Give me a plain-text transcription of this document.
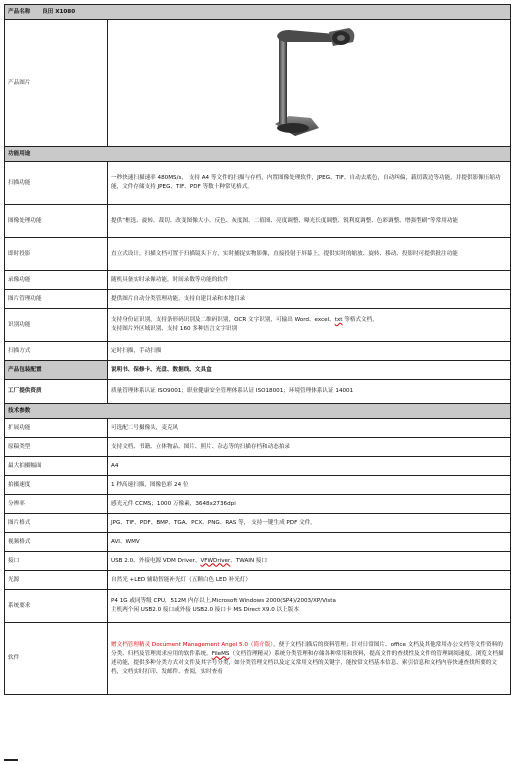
产品名称 良田 X1080	
产品图片	

功能用途	
扫描功能	一秒快速扫描速率 480MS/s， 支持 A4 等文件的扫描与存档，内置图像处理软件，JPEG、TIF、自动去底色，自动纠偏，载切裁边等功能，并提供影像压缩功能，文件存储支持 JPEG、TIF、PDF 等数十种常见格式。
图像处理功能	提供“框选、旋转、裁切、改变图像大小、反色、灰度图、二值图、亮度调整、曝光长度调整、锐利度调整、色彩调整、增强型刷”等常用功能
即时投影	直立式设计，扫描文档可置于扫描镜头下方，实时捕捉实物影像，直接投射于屏幕上，提供实时的缩放、旋转、移动、投影时可提供批注功能
录像功能	随机具备实时录像功能，时间录数等功能的软件
图片管理功能	提供图片自动分类管理功能，支持自建目录和本地目录
识别功能	支持身份证识别，支持条形码识别及二维码识别，OCR 文字识别，可输出 Word、excel、txt 等格式文档，
支持图片外区域识别、支持 160 多种语言文字识别
扫描方式	定时扫描，手动扫描
产品包装配置	说明书、保修卡、光盘、数据线、文具盒
工厂提供资质	质量管理体系认证 ISO9001；职业健康安全管理体系认证 ISO18001；环境管理体系认证 14001
技术参数	
扩展功能	可选配二号摄像头，麦克风
原稿类型	支持文档、书籍、立体物品、图片、照片、杂志等的扫描存档和动态拍录
最大拍摄幅面	A4
拍摄速度	1 秒高速扫描，图像色彩 24 位
分辨率	感光元件 CCMS；1000 万像素，3648x2736dpi
图片格式	JPG、TIF、PDF、BMP、TGA、PCX、PNG、RAS 等， 支持一键生成 PDF 文件。
视频格式	AVI、WMV
接口	USB 2.0、外接电源 VDM Driver、VFWDriver、TWAIN 接口
光源	自然光 +LED 辅助智能补光灯（五颗白色 LED 补光灯）
系统要求	P4 1G 或同等级 CPU，512M 内存以上,Microsoft Windows 2000(SP4)/2003/XP/Vista
主机两个闲 USB2.0 接口或外接 USB2.0 接口卡 MS Direct X9.0 以上版本
软件	赠文档管理精灵 Document Management Angel 5.0（简介版），便于文档扫描后的资料管理；针对日常图片、office 文档及其他常用办公文档等文件资料的分类、归档及管理需求应用的软件系统。FileMS（文档管理精灵）系统分类管理和存储各种常用和资料，提高文件的查找性及文件的管理调阅速度。浏览文档描述功能，提供多种分类方式对文件及其字号分类，如分类管理文档以及定义常用文档的关键字，能按常文档基本信息、索引信息和文档内容快速查找所要的文档，文档实时打印、发邮件、查阅，实时查看
